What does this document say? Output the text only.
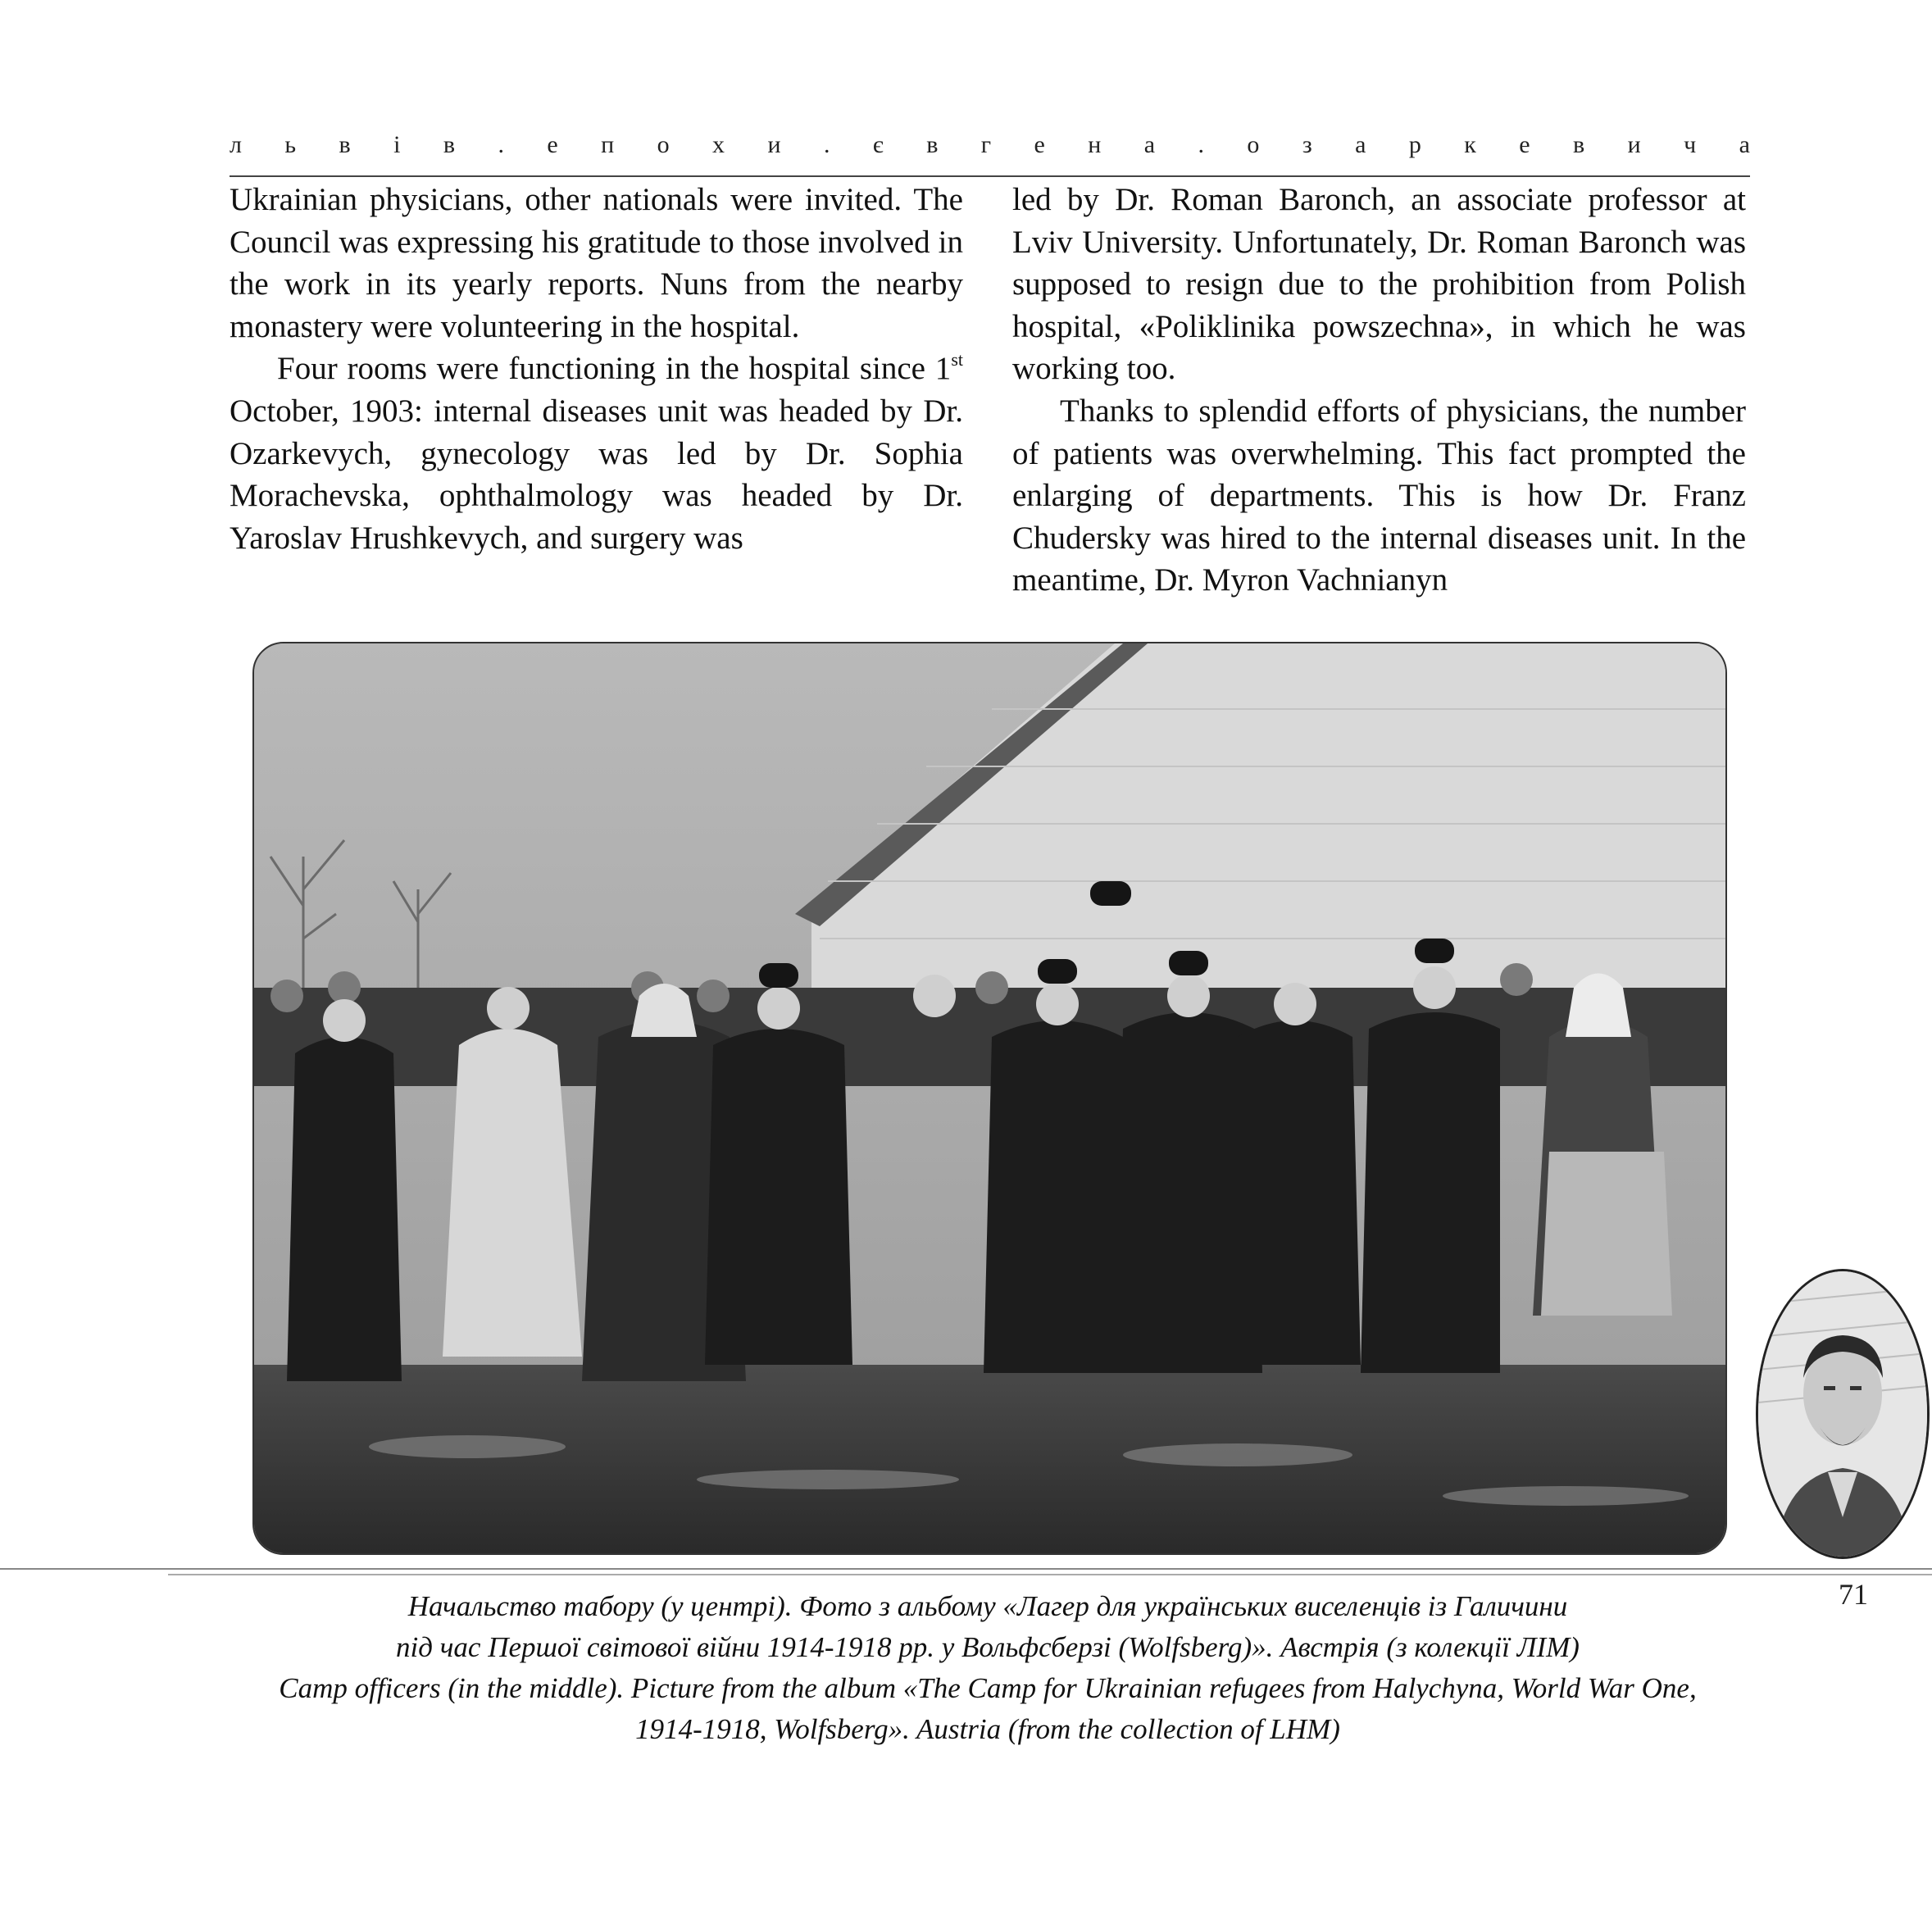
л ь в і в . е п о х и . є в г е н а . о з а р к е в и ч а

Ukrainian physicians, other nationals were invited. The Council was expressing his gratitude to those involved in the work in its yearly reports. Nuns from the nearby monastery were volunteering in the hospital.

Four rooms were functioning in the hospital since 1st October, 1903: internal diseases unit was headed by Dr. Ozarkevych, gynecology was led by Dr. Sophia Morachevska, ophthalmology was headed by Dr. Yaroslav Hrushkevych, and surgery was

led by Dr. Roman Baronch, an associate professor at Lviv University. Unfortunately, Dr. Roman Baronch was supposed to resign due to the prohibition from Polish hospital, «Poliklinika powszechna», in which he was working too.

Thanks to splendid efforts of physicians, the number of patients was overwhelming. This fact prompted the enlarging of departments. This is how Dr. Franz Chudersky was hired to the internal diseases unit. In the meantime, Dr. Myron Vachnianyn

71
Начальство табору (у центрі). Фото з альбому «Лагер для українських виселенців із Галичини
під час Першої світової війни 1914-1918 рр. у Вольфсберзі (Wolfsberg)». Австрія (з колекції ЛІМ)
Camp officers (in the middle). Picture from the album «The Camp for Ukrainian refugees from Halychyna, World War One,
1914-1918, Wolfsberg». Austria (from the collection of LHM)
